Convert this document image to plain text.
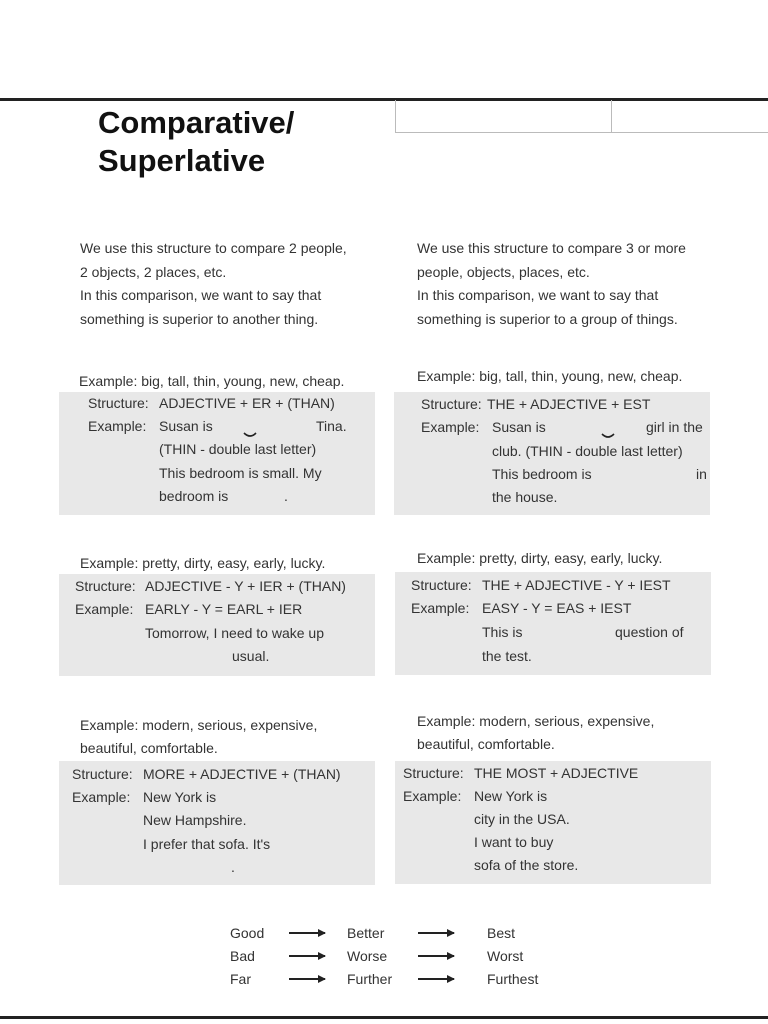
Comparative/
Superlative
We use this structure to compare 2 people,
2 objects, 2 places, etc.
In this comparison, we want to say that
something is superior to another thing.
We use this structure to compare 3 or more
people, objects, places, etc.
In this comparison, we want to say that
something is superior to a group of things.
Example: big, tall, thin, young, new, cheap.
Structure: ADJECTIVE + ER + (THAN)
Example: Susan is	Tina.
(THIN - double last letter)
This bedroom is small. My
bedroom is	.
Example: big, tall, thin, young, new, cheap.
Structure: THE + ADJECTIVE + EST
Example: Susan is	girl in the
club. (THIN - double last letter)
This bedroom is	in
the house.
Example: pretty, dirty, easy, early, lucky.
Structure: ADJECTIVE - Y + IER + (THAN)
Example: EARLY - Y = EARL + IER
Tomorrow, I need to wake up
usual.
Example: pretty, dirty, easy, early, lucky.
Structure: THE + ADJECTIVE - Y + IEST
Example: EASY - Y = EAS + IEST
This is	question of
the test.
Example: modern, serious, expensive,
beautiful, comfortable.
Structure: MORE + ADJECTIVE + (THAN)
Example: New York is
New Hampshire.
I prefer that sofa. It's
.
Example: modern, serious, expensive,
beautiful, comfortable.
Structure: THE MOST + ADJECTIVE
Example: New York is
city in the USA.
I want to buy
sofa of the store.
Good	Better	Best
Bad	Worse	Worst
Far	Further	Furthest
